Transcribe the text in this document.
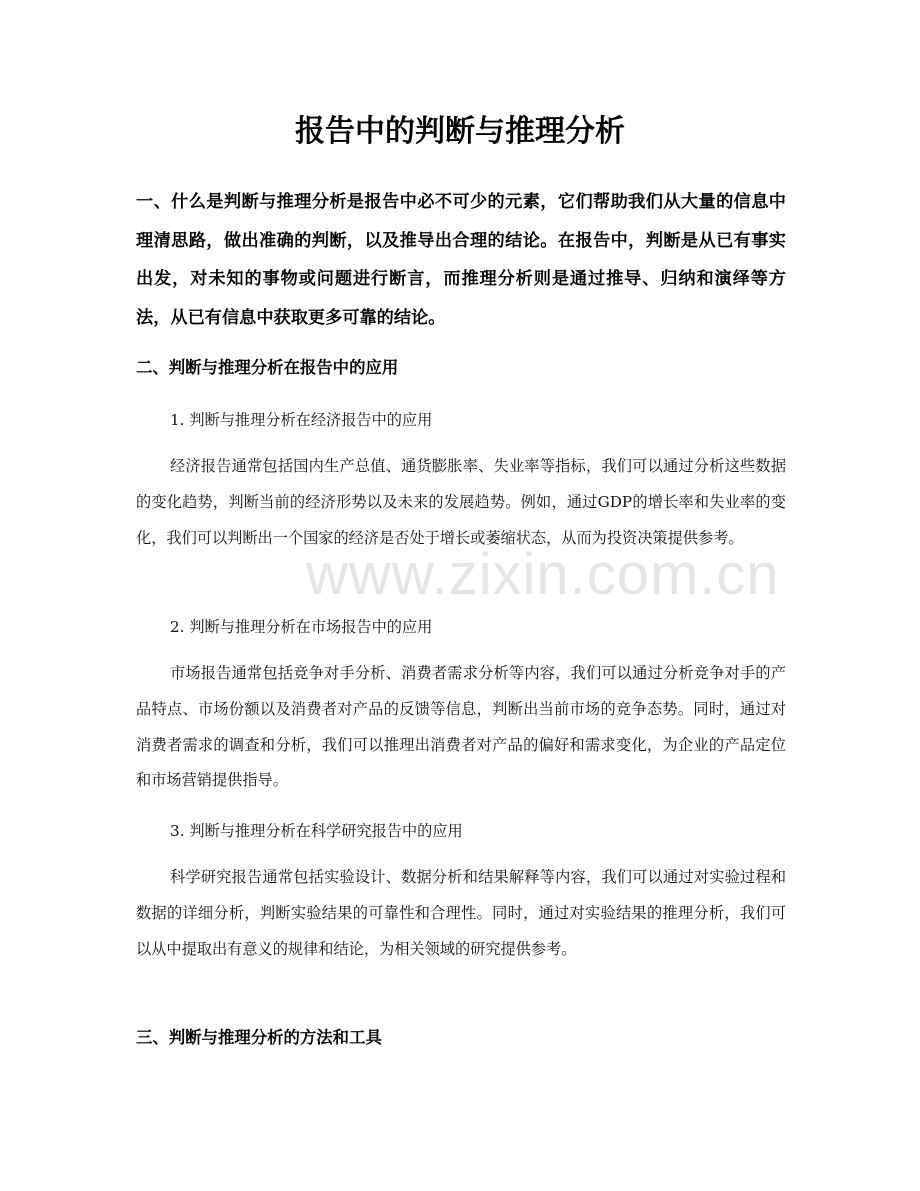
www.zixin.com.cn
报告中的判断与推理分析

一、什么是判断与推理分析是报告中必不可少的元素，它们帮助我们从大量的信息中理清思路，做出准确的判断，以及推导出合理的结论。在报告中，判断是从已有事实出发，对未知的事物或问题进行断言，而推理分析则是通过推导、归纳和演绎等方法，从已有信息中获取更多可靠的结论。

二、判断与推理分析在报告中的应用
1. 判断与推理分析在经济报告中的应用

经济报告通常包括国内生产总值、通货膨胀率、失业率等指标，我们可以通过分析这些数据的变化趋势，判断当前的经济形势以及未来的发展趋势。例如，通过GDP的增长率和失业率的变化，我们可以判断出一个国家的经济是否处于增长或萎缩状态，从而为投资决策提供参考。

2. 判断与推理分析在市场报告中的应用

市场报告通常包括竞争对手分析、消费者需求分析等内容，我们可以通过分析竞争对手的产品特点、市场份额以及消费者对产品的反馈等信息，判断出当前市场的竞争态势。同时，通过对消费者需求的调查和分析，我们可以推理出消费者对产品的偏好和需求变化，为企业的产品定位和市场营销提供指导。

3. 判断与推理分析在科学研究报告中的应用

科学研究报告通常包括实验设计、数据分析和结果解释等内容，我们可以通过对实验过程和数据的详细分析，判断实验结果的可靠性和合理性。同时，通过对实验结果的推理分析，我们可以从中提取出有意义的规律和结论，为相关领域的研究提供参考。

三、判断与推理分析的方法和工具
